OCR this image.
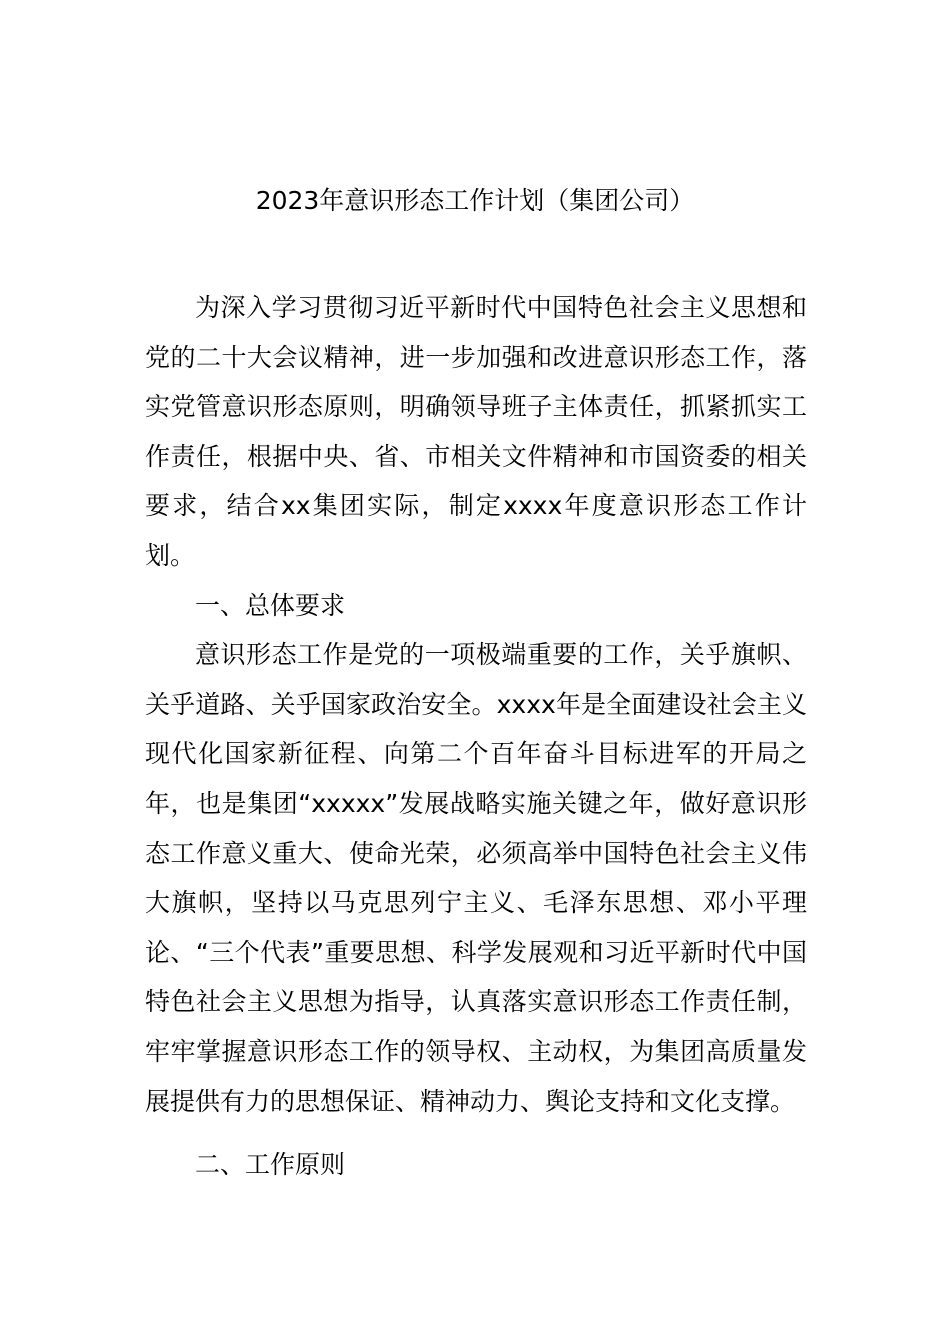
2023年意识形态工作计划（集团公司）

为深入学习贯彻习近平新时代中国特色社会主义思想和党的二十大会议精神，进一步加强和改进意识形态工作，落实党管意识形态原则，明确领导班子主体责任，抓紧抓实工作责任，根据中央、省、市相关文件精神和市国资委的相关要求，结合xx集团实际，制定xxxx年度意识形态工作计划。

一、总体要求

意识形态工作是党的一项极端重要的工作，关乎旗帜、关乎道路、关乎国家政治安全。xxxx年是全面建设社会主义现代化国家新征程、向第二个百年奋斗目标进军的开局之年，也是集团“xxxxx”发展战略实施关键之年，做好意识形态工作意义重大、使命光荣，必须高举中国特色社会主义伟大旗帜，坚持以马克思列宁主义、毛泽东思想、邓小平理论、“三个代表”重要思想、科学发展观和习近平新时代中国特色社会主义思想为指导，认真落实意识形态工作责任制，牢牢掌握意识形态工作的领导权、主动权，为集团高质量发展提供有力的思想保证、精神动力、舆论支持和文化支撑。

二、工作原则
